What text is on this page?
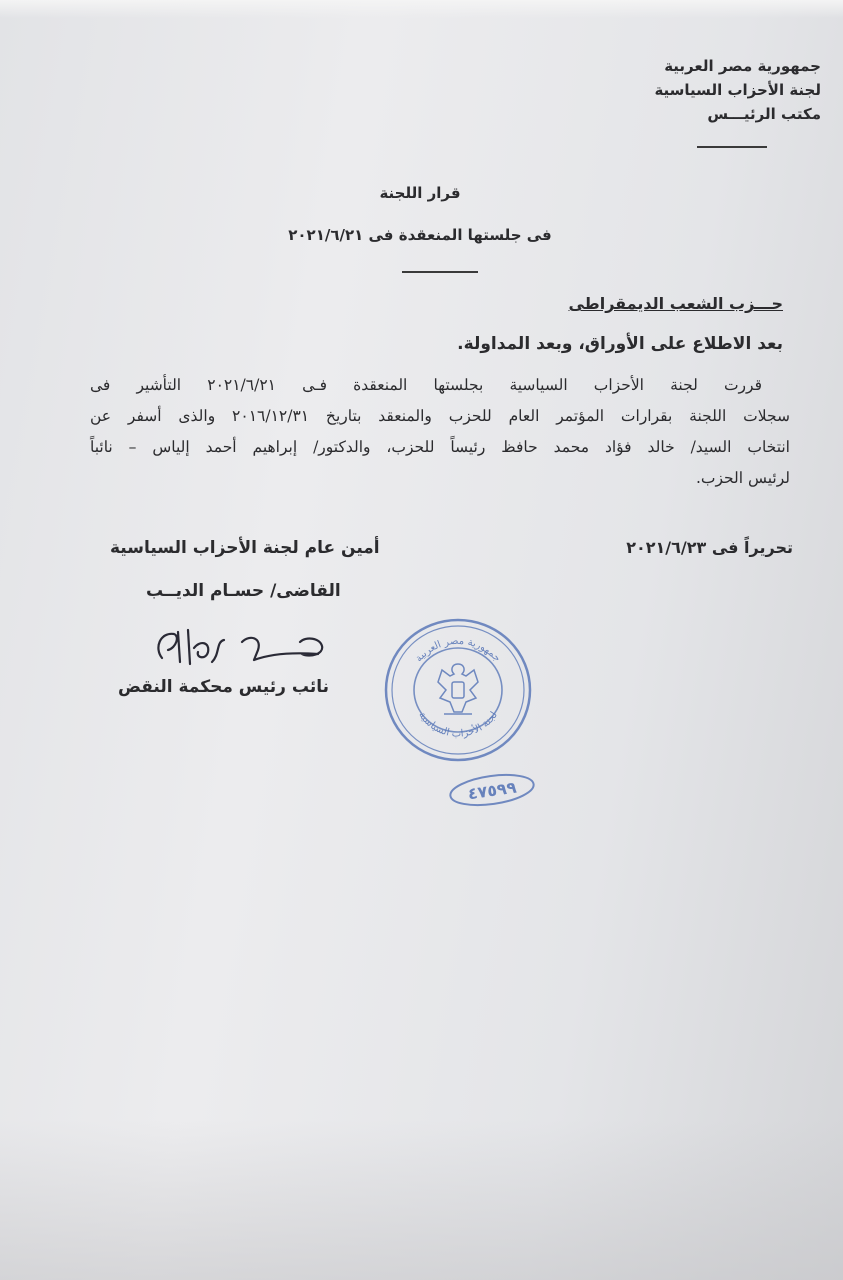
جمهورية مصر العربية
لجنة الأحزاب السياسية
مكتب الرئيـــس
قرار اللجنة
فى جلستها المنعقدة فى ٢٠٢١/٦/٢١
حـــزب الشعب الديمقراطى
بعد الاطلاع على الأوراق، وبعد المداولة.
قررت لجنة الأحزاب السياسية بجلستها المنعقدة فـى ٢٠٢١/٦/٢١ التأشير فى
سجلات اللجنة بقرارات المؤتمر العام للحزب والمنعقد بتاريخ ٢٠١٦/١٢/٣١ والذى أسفر عن
انتخاب السيد/ خالد فؤاد محمد حافظ رئيساً للحزب، والدكتور/ إبراهيم أحمد إلياس – نائباً
لرئيس الحزب.
تحريراً فى ٢٠٢١/٦/٢٣
أمين عام لجنة الأحزاب السياسية
القاضى/ حسـام الديــب
نائب رئيس محكمة النقض
جمهورية مصر العربية
لجنة الأحزاب السياسية
٤٧٥٩٩
